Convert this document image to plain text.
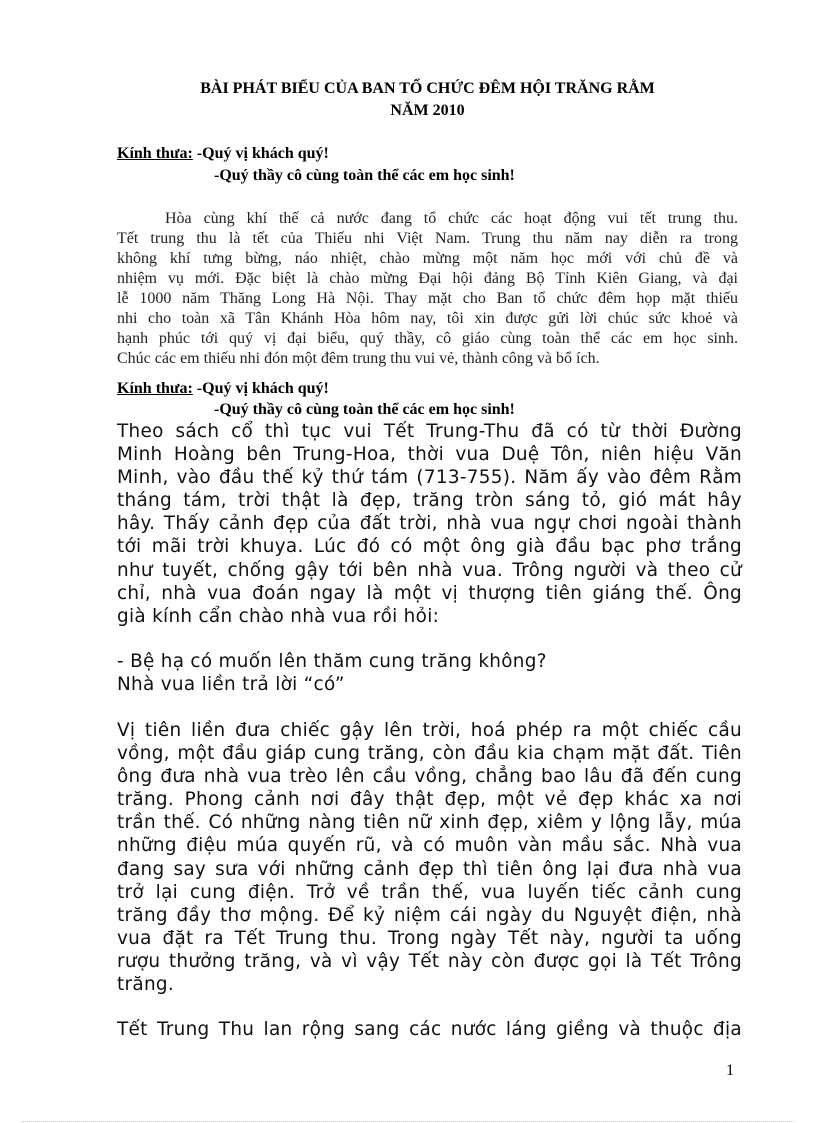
BÀI PHÁT BIỂU CỦA BAN TỔ CHỨC ĐÊM HỘI TRĂNG RẰM
NĂM 2010
Kính thưa: -Quý vị khách quý!
-Quý thầy cô cùng toàn thể các em học sinh!
Hòa cùng khí thế cả nước đang tổ chức các hoạt động vui tết trung thu.
Tết trung thu là tết của Thiếu nhi Việt Nam. Trung thu năm nay diễn ra trong
không khí tưng bừng, náo nhiệt, chào mừng một năm học mới với chủ đề và
nhiệm vụ mới. Đặc biệt là chào mừng Đại hội đảng Bộ Tỉnh Kiên Giang, và đại
lễ 1000 năm Thăng Long Hà Nội. Thay mặt cho Ban tổ chức đêm họp mặt thiếu
nhi cho toàn xã Tân Khánh Hòa hôm nay, tôi xin được gửi lời chúc sức khoẻ và
hạnh phúc tới quý vị đại biểu, quý thầy, cô giáo cùng toàn thể các em học sinh.
Chúc các em thiếu nhi đón một đêm trung thu vui vẻ, thành công và bổ ích.
Kính thưa: -Quý vị khách quý!
-Quý thầy cô cùng toàn thể các em học sinh!
Theo sách cổ thì tục vui Tết Trung-Thu đã có từ thời Đường
Minh Hoàng bên Trung-Hoa, thời vua Duệ Tôn, niên hiệu Văn
Minh, vào đầu thế kỷ thứ tám (713-755). Năm ấy vào đêm Rằm
tháng tám, trời thật là đẹp, trăng tròn sáng tỏ, gió mát hây
hây. Thấy cảnh đẹp của đất trời, nhà vua ngự chơi ngoài thành
tới mãi trời khuya. Lúc đó có một ông già đầu bạc phơ trắng
như tuyết, chống gậy tới bên nhà vua. Trông người và theo cử
chỉ, nhà vua đoán ngay là một vị thượng tiên giáng thế. Ông
già kính cẩn chào nhà vua rồi hỏi:
- Bệ hạ có muốn lên thăm cung trăng không?
Nhà vua liền trả lời “có”
Vị tiên liền đưa chiếc gậy lên trời, hoá phép ra một chiếc cầu
vồng, một đầu giáp cung trăng, còn đầu kia chạm mặt đất. Tiên
ông đưa nhà vua trèo lên cầu vồng, chẳng bao lâu đã đến cung
trăng. Phong cảnh nơi đây thật đẹp, một vẻ đẹp khác xa nơi
trần thế. Có những nàng tiên nữ xinh đẹp, xiêm y lộng lẫy, múa
những điệu múa quyến rũ, và có muôn vàn mầu sắc. Nhà vua
đang say sưa với những cảnh đẹp thì tiên ông lại đưa nhà vua
trở lại cung điện. Trở về trần thế, vua luyến tiếc cảnh cung
trăng đầy thơ mộng. Để kỷ niệm cái ngày du Nguyệt điện, nhà
vua đặt ra Tết Trung thu. Trong ngày Tết này, người ta uống
rượu thưởng trăng, và vì vậy Tết này còn được gọi là Tết Trông
trăng.
Tết Trung Thu lan rộng sang các nước láng giềng và thuộc địa
1
